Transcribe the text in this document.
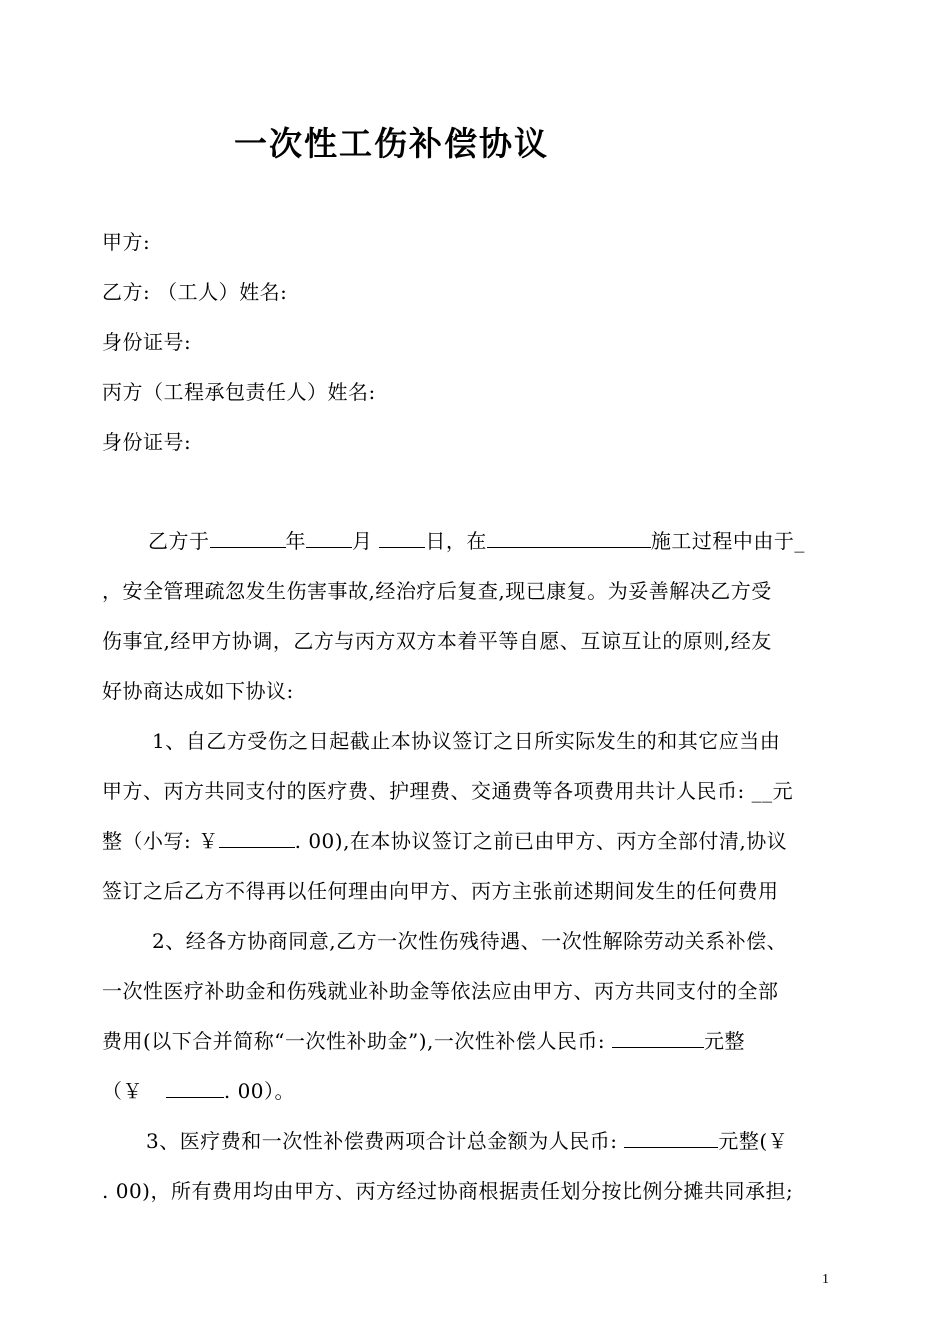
一次性工伤补偿协议
甲方:
乙方: （工人）姓名:
身份证号:
丙方（工程承包责任人）姓名:
身份证号:
乙方于	年 月 日，在	施工过程中由于_
，安全管理疏忽发生伤害事故,经治疗后复查,现已康复。为妥善解决乙方受
伤事宜,经甲方协调，乙方与丙方双方本着平等自愿、互谅互让的原则,经友
好协商达成如下协议:
1、自乙方受伤之日起截止本协议签订之日所实际发生的和其它应当由
甲方、丙方共同支付的医疗费、护理费、交通费等各项费用共计人民币: __元
整（小写: ￥	. 00),在本协议签订之前已由甲方、丙方全部付清,协议
签订之后乙方不得再以任何理由向甲方、丙方主张前述期间发生的任何费用
2、经各方协商同意,乙方一次性伤残待遇、一次性解除劳动关系补偿、
一次性医疗补助金和伤残就业补助金等依法应由甲方、丙方共同支付的全部
费用(以下合并简称“一次性补助金”),一次性补偿人民币:	元整
（￥	. 00）。
3、医疗费和一次性补偿费两项合计总金额为人民币:	元整(￥
. 00)，所有费用均由甲方、丙方经过协商根据责任划分按比例分摊共同承担;
1
